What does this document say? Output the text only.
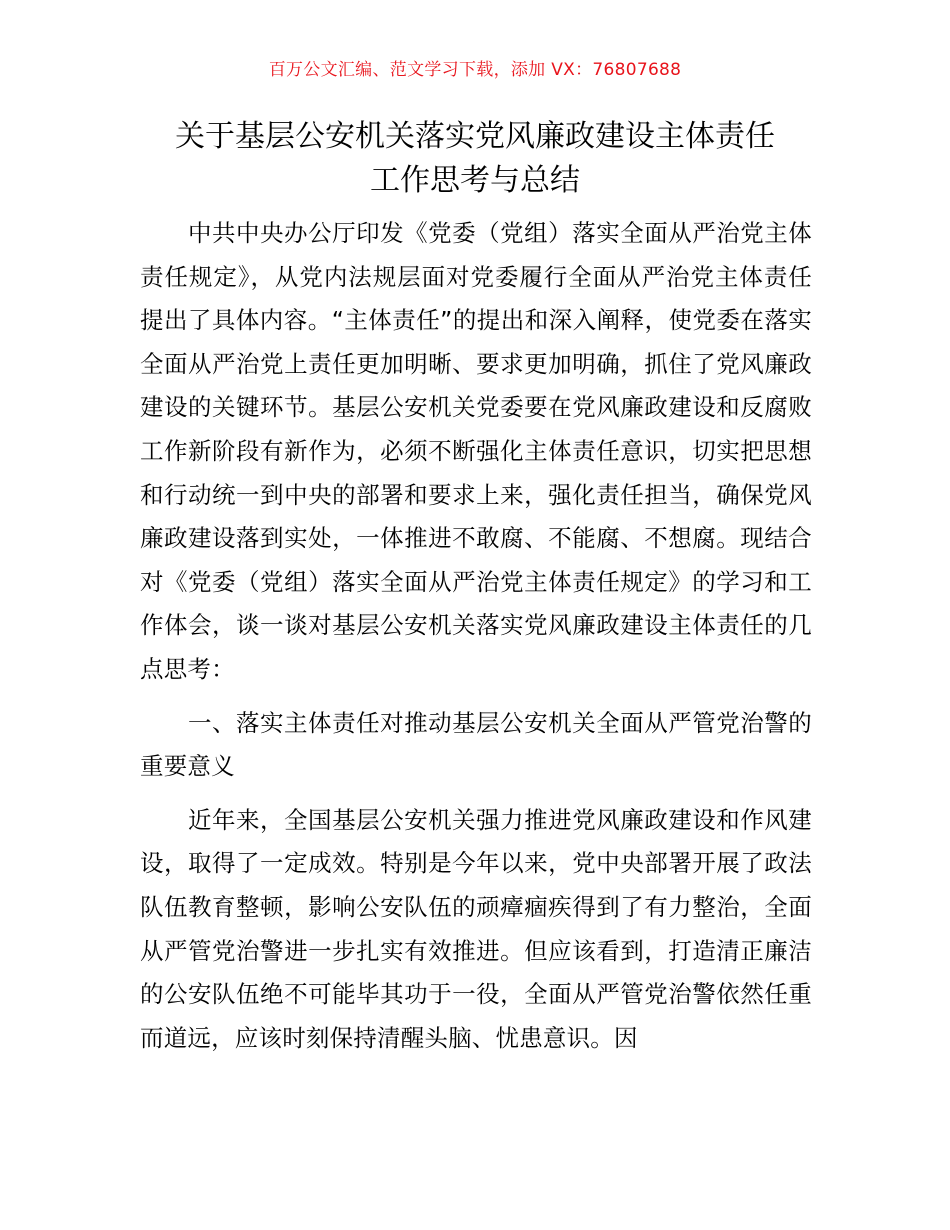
百万公文汇编、范文学习下载，添加 VX：76807688
关于基层公安机关落实党风廉政建设主体责任
工作思考与总结

中共中央办公厅印发《党委（党组）落实全面从严治党主体责任规定》，从党内法规层面对党委履行全面从严治党主体责任提出了具体内容。“主体责任”的提出和深入阐释，使党委在落实全面从严治党上责任更加明晰、要求更加明确，抓住了党风廉政建设的关键环节。基层公安机关党委要在党风廉政建设和反腐败工作新阶段有新作为，必须不断强化主体责任意识，切实把思想和行动统一到中央的部署和要求上来，强化责任担当，确保党风廉政建设落到实处，一体推进不敢腐、不能腐、不想腐。现结合对《党委（党组）落实全面从严治党主体责任规定》的学习和工作体会，谈一谈对基层公安机关落实党风廉政建设主体责任的几点思考：

一、落实主体责任对推动基层公安机关全面从严管党治警的重要意义

近年来，全国基层公安机关强力推进党风廉政建设和作风建设，取得了一定成效。特别是今年以来，党中央部署开展了政法队伍教育整顿，影响公安队伍的顽瘴痼疾得到了有力整治，全面从严管党治警进一步扎实有效推进。但应该看到，打造清正廉洁的公安队伍绝不可能毕其功于一役，全面从严管党治警依然任重而道远，应该时刻保持清醒头脑、忧患意识。因
